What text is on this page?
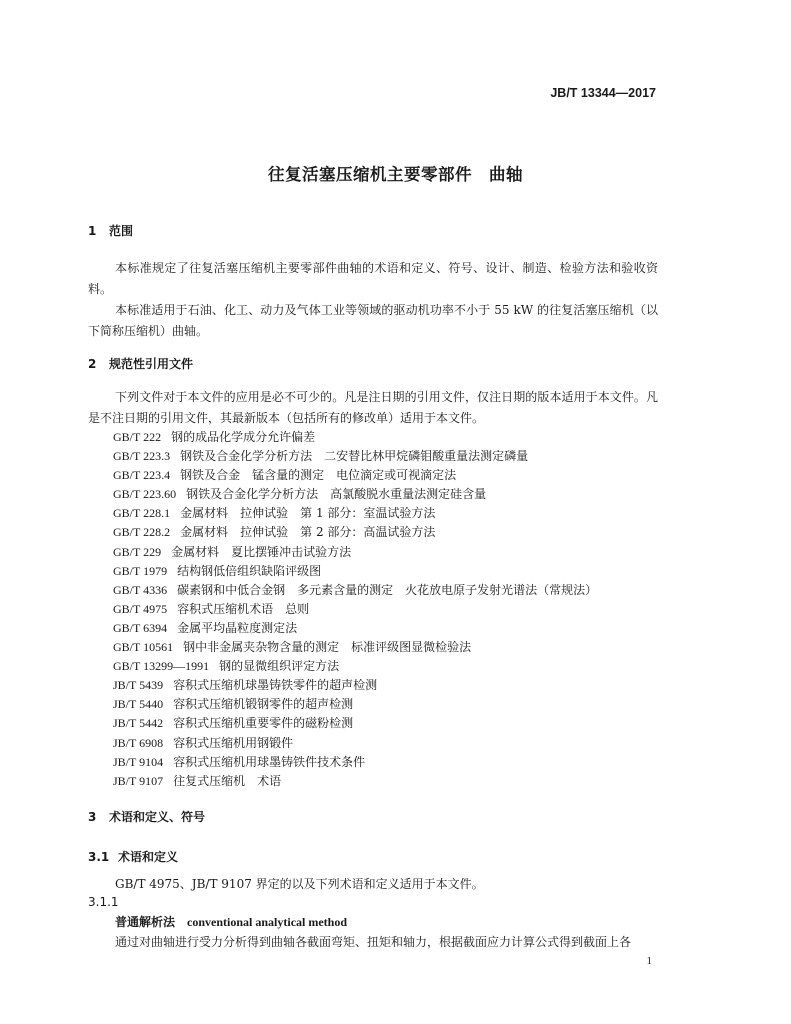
JB/T 13344—2017
往复活塞压缩机主要零部件　曲轴
1 范围
本标准规定了往复活塞压缩机主要零部件曲轴的术语和定义、符号、设计、制造、检验方法和验收资料。
本标准适用于石油、化工、动力及气体工业等领域的驱动机功率不小于 55 kW 的往复活塞压缩机（以下简称压缩机）曲轴。
2 规范性引用文件
下列文件对于本文件的应用是必不可少的。凡是注日期的引用文件，仅注日期的版本适用于本文件。凡是不注日期的引用文件，其最新版本（包括所有的修改单）适用于本文件。
GB/T 222 钢的成品化学成分允许偏差
GB/T 223.3 钢铁及合金化学分析方法　二安替比林甲烷磷钼酸重量法测定磷量
GB/T 223.4 钢铁及合金　锰含量的测定　电位滴定或可视滴定法
GB/T 223.60 钢铁及合金化学分析方法　高氯酸脱水重量法测定硅含量
GB/T 228.1 金属材料　拉伸试验　第 1 部分：室温试验方法
GB/T 228.2 金属材料　拉伸试验　第 2 部分：高温试验方法
GB/T 229 金属材料　夏比摆锤冲击试验方法
GB/T 1979 结构钢低倍组织缺陷评级图
GB/T 4336 碳素钢和中低合金钢　多元素含量的测定　火花放电原子发射光谱法（常规法）
GB/T 4975 容积式压缩机术语　总则
GB/T 6394 金属平均晶粒度测定法
GB/T 10561 钢中非金属夹杂物含量的测定　标准评级图显微检验法
GB/T 13299—1991 钢的显微组织评定方法
JB/T 5439 容积式压缩机球墨铸铁零件的超声检测
JB/T 5440 容积式压缩机锻钢零件的超声检测
JB/T 5442 容积式压缩机重要零件的磁粉检测
JB/T 6908 容积式压缩机用钢锻件
JB/T 9104 容积式压缩机用球墨铸铁件技术条件
JB/T 9107 往复式压缩机　术语
3 术语和定义、符号
3.1 术语和定义
GB/T 4975、JB/T 9107 界定的以及下列术语和定义适用于本文件。
3.1.1
普通解析法 conventional analytical method
通过对曲轴进行受力分析得到曲轴各截面弯矩、扭矩和轴力，根据截面应力计算公式得到截面上各
1
